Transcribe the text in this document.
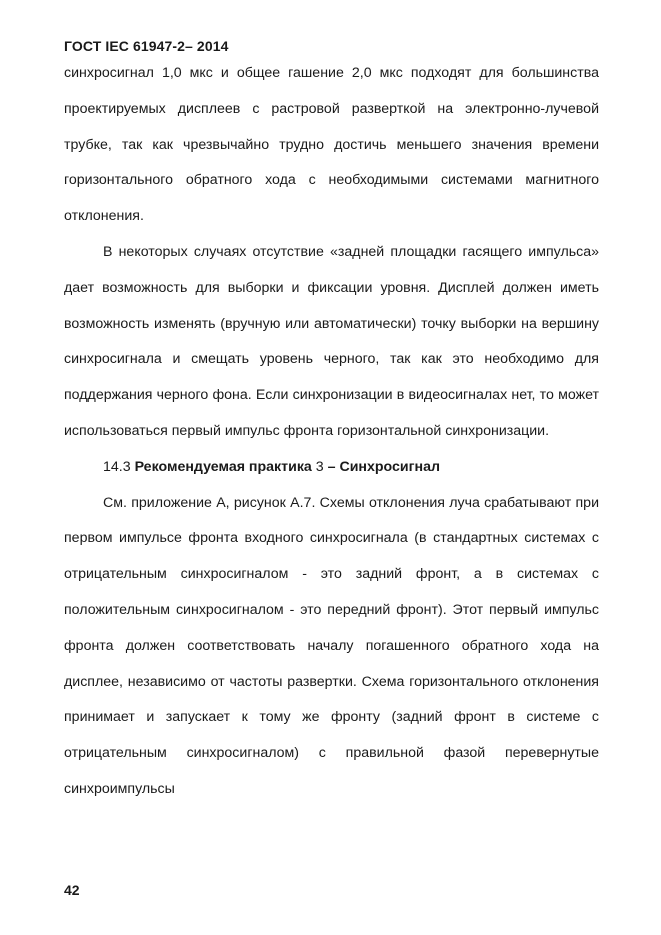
ГОСТ IEC 61947-2– 2014

синхросигнал 1,0 мкс и общее гашение 2,0 мкс подходят для большинства проектируемых дисплеев с растровой разверткой на электронно-лучевой трубке, так как чрезвычайно трудно достичь меньшего значения времени горизонтального обратного хода с необходимыми системами магнитного отклонения.

В некоторых случаях отсутствие «задней площадки гасящего импульса» дает возможность для выборки и фиксации уровня. Дисплей должен иметь возможность изменять (вручную или автоматически) точку выборки на вершину синхросигнала и смещать уровень черного, так как это необходимо для поддержания черного фона. Если синхронизации в видеосигналах нет, то может использоваться первый импульс фронта горизонтальной синхронизации.

14.3 Рекомендуемая практика 3 – Синхросигнал

См. приложение А, рисунок А.7. Схемы отклонения луча срабатывают при первом импульсе фронта входного синхросигнала (в стандартных системах с отрицательным синхросигналом - это задний фронт, а в системах с положительным синхросигналом - это передний фронт). Этот первый импульс фронта должен соответствовать началу погашенного обратного хода на дисплее, независимо от частоты развертки. Схема горизонтального отклонения принимает и запускает к тому же фронту (задний фронт в системе с отрицательным синхросигналом) с правильной фазой перевернутые синхроимпульсы

42
